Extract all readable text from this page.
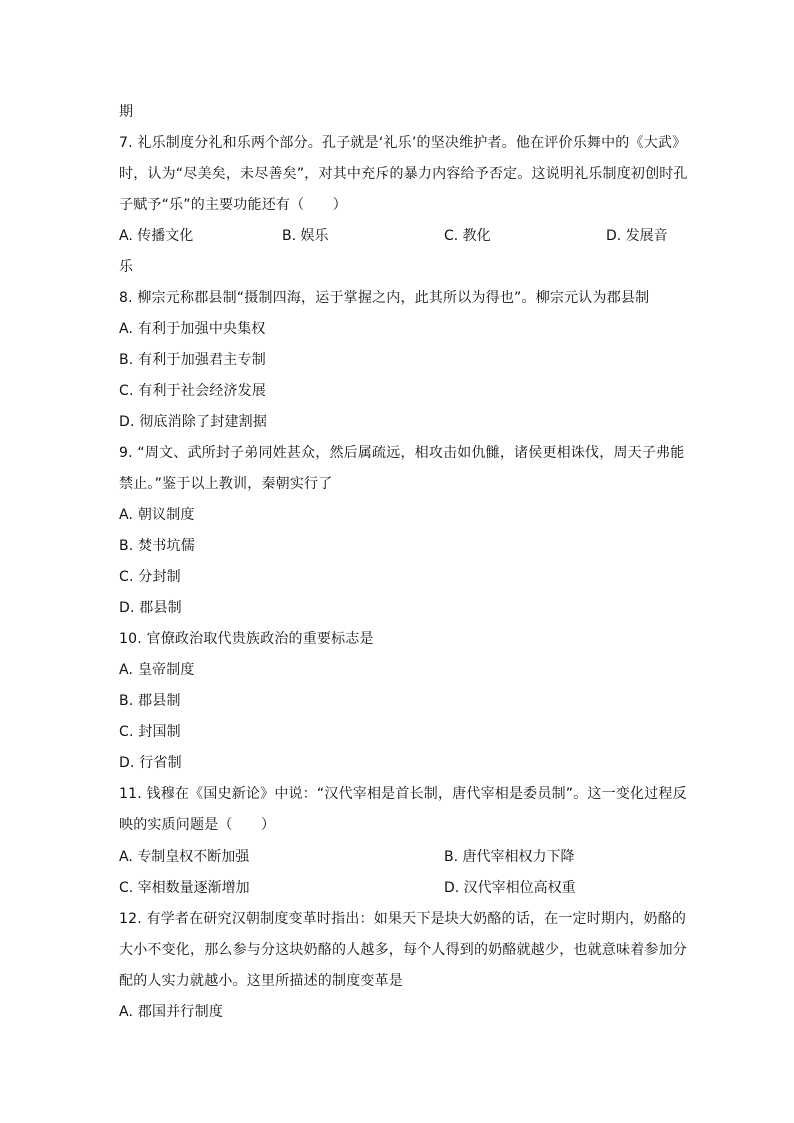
期
7. 礼乐制度分礼和乐两个部分。孔子就是‘礼乐’的坚决维护者。他在评价乐舞中的《大武》
时，认为“尽美矣，未尽善矣”，对其中充斥的暴力内容给予否定。这说明礼乐制度初创时孔
子赋予“乐”的主要功能还有（　　）
A. 传播文化	B. 娱乐	C. 教化	D. 发展音
乐
8. 柳宗元称郡县制“摄制四海，运于掌握之内，此其所以为得也”。柳宗元认为郡县制
A. 有利于加强中央集权
B. 有利于加强君主专制
C. 有利于社会经济发展
D. 彻底消除了封建割据
9. “周文、武所封子弟同姓甚众，然后属疏远，相攻击如仇雠，诸侯更相诛伐，周天子弗能
禁止。”鉴于以上教训，秦朝实行了
A. 朝议制度
B. 焚书坑儒
C. 分封制
D. 郡县制
10. 官僚政治取代贵族政治的重要标志是
A. 皇帝制度
B. 郡县制
C. 封国制
D. 行省制
11. 钱穆在《国史新论》中说：“汉代宰相是首长制，唐代宰相是委员制”。这一变化过程反
映的实质问题是（　　）
A. 专制皇权不断加强	B. 唐代宰相权力下降
C. 宰相数量逐渐增加	D. 汉代宰相位高权重
12. 有学者在研究汉朝制度变革时指出：如果天下是块大奶酪的话，在一定时期内，奶酪的
大小不变化，那么参与分这块奶酪的人越多，每个人得到的奶酪就越少，也就意味着参加分
配的人实力就越小。这里所描述的制度变革是
A. 郡国并行制度
